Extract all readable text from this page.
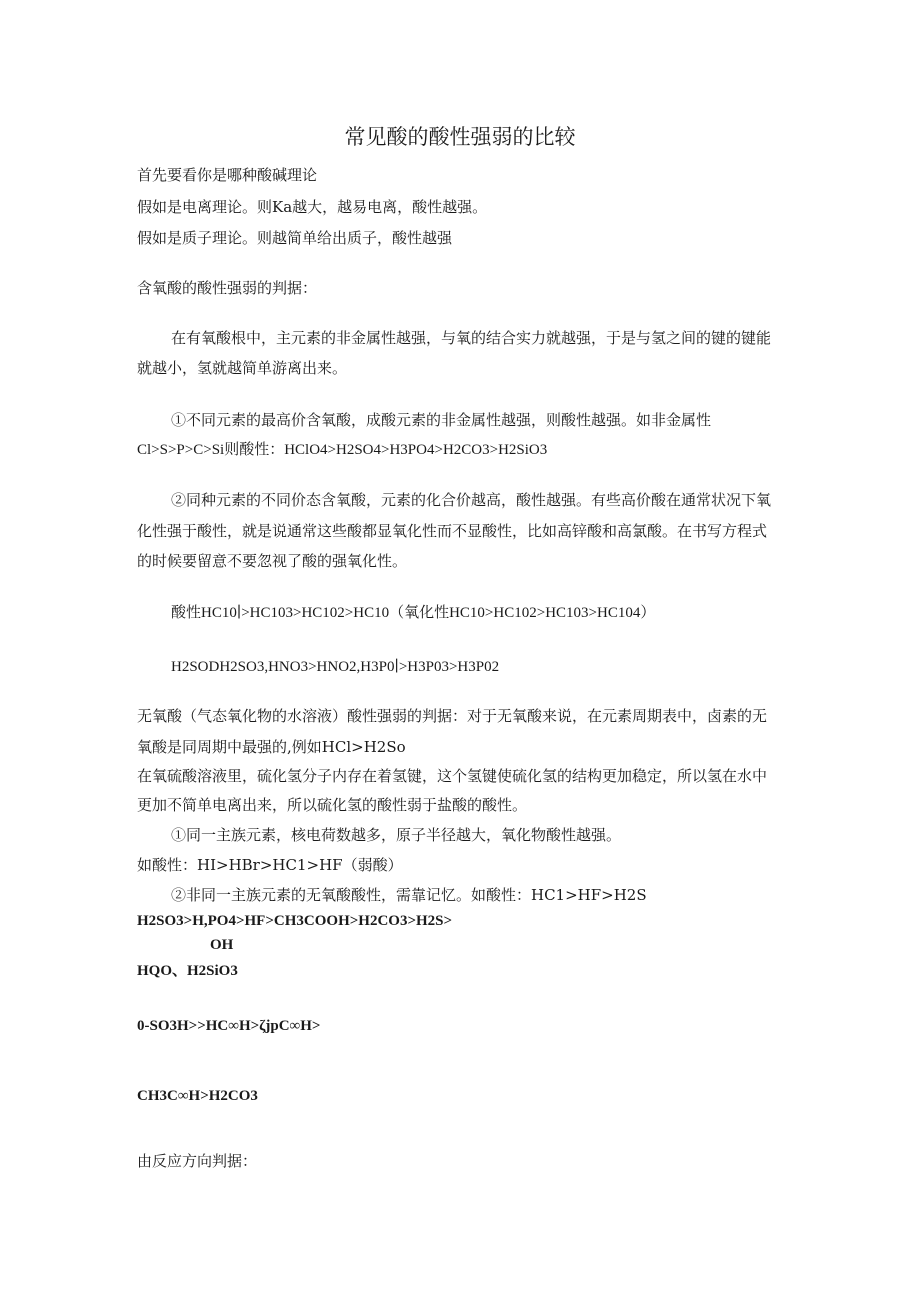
常见酸的酸性强弱的比较
首先要看你是哪种酸碱理论
假如是电离理论。则Ka越大，越易电离，酸性越强。
假如是质子理论。则越简单给出质子，酸性越强
含氧酸的酸性强弱的判据：
在有氧酸根中，主元素的非金属性越强，与氧的结合实力就越强，于是与氢之间的键的键能
就越小，氢就越简单游离出来。
①不同元素的最高价含氧酸，成酸元素的非金属性越强，则酸性越强。如非金属性
Cl>S>P>C>Si则酸性：HClO4>H2SO4>H3PO4>H2CO3>H2SiO3
②同种元素的不同价态含氧酸，元素的化合价越高，酸性越强。有些高价酸在通常状况下氧
化性强于酸性，就是说通常这些酸都显氧化性而不显酸性，比如高锌酸和高氯酸。在书写方程式
的时候要留意不要忽视了酸的强氧化性。
酸性HC10∣>HC103>HC102>HC10（氧化性HC10>HC102>HC103>HC104）
H2SODH2SO3,HNO3>HNO2,H3P0∣>H3P03>H3P02
无氧酸（气态氧化物的水溶液）酸性强弱的判据：对于无氧酸来说，在元素周期表中，卤素的无
氧酸是同周期中最强的,例如HCl>H2So
在氧硫酸溶液里，硫化氢分子内存在着氢键，这个氢键使硫化氢的结构更加稳定，所以氢在水中
更加不简单电离出来，所以硫化氢的酸性弱于盐酸的酸性。
①同一主族元素，核电荷数越多，原子半径越大，氧化物酸性越强。
如酸性：HI>HBr>HC1>HF（弱酸）
②非同一主族元素的无氧酸酸性，需靠记忆。如酸性：HC1>HF>H2S
H2SO3>H,PO4>HF>CH3COOH>H2CO3>H2S>
OH
HQO、H2SiO3
0-SO3H>>HC∞H>ζjpC∞H>
CH3C∞H>H2CO3
由反应方向判据：
